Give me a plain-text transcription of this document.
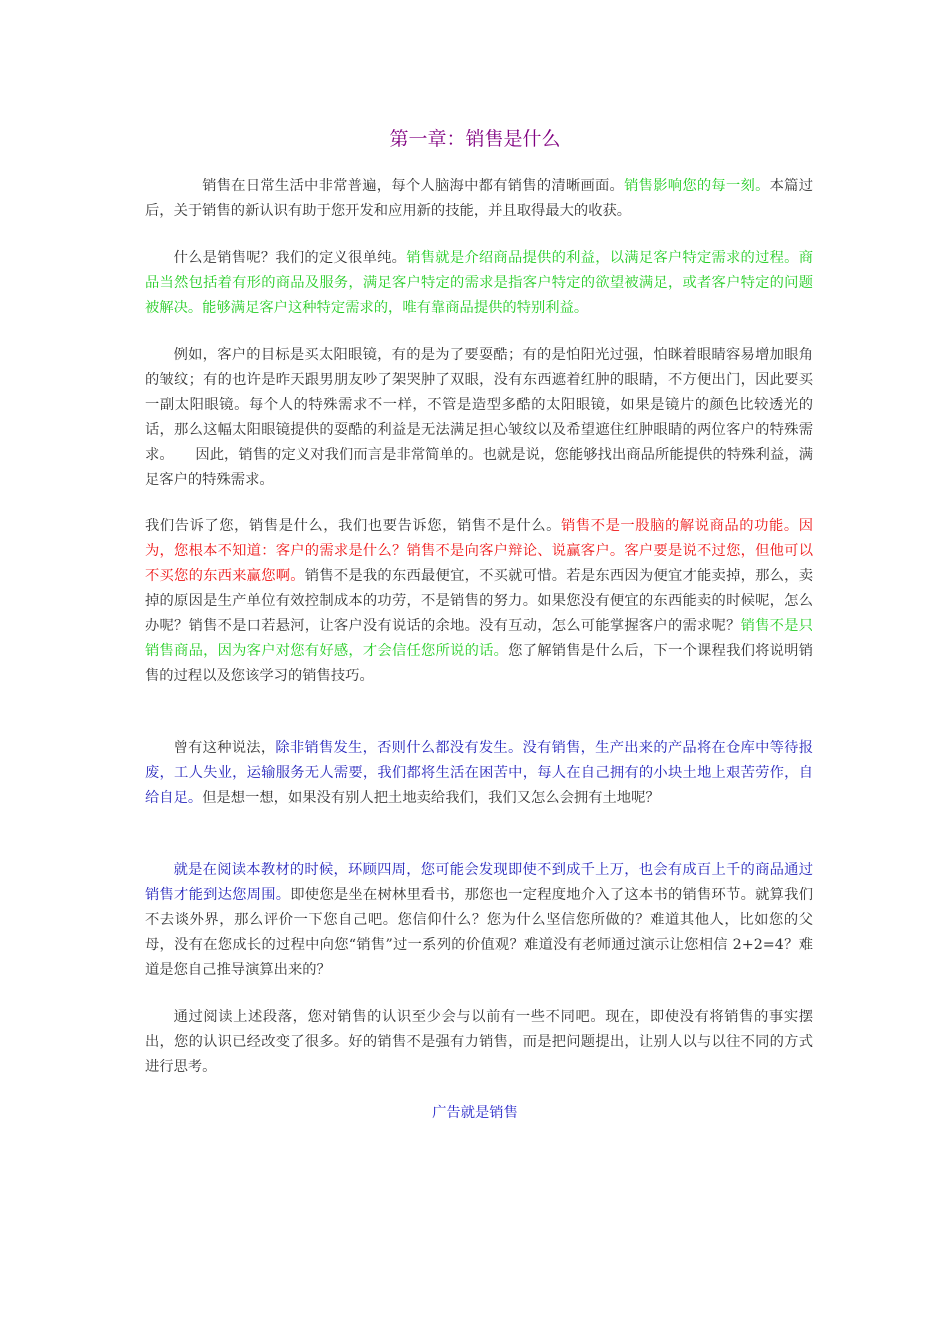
第一章：销售是什么

销售在日常生活中非常普遍，每个人脑海中都有销售的清晰画面。销售影响您的每一刻。本篇过后，关于销售的新认识有助于您开发和应用新的技能，并且取得最大的收获。

什么是销售呢？我们的定义很单纯。销售就是介绍商品提供的利益，以满足客户特定需求的过程。商品当然包括着有形的商品及服务，满足客户特定的需求是指客户特定的欲望被满足，或者客户特定的问题被解决。能够满足客户这种特定需求的，唯有靠商品提供的特别利益。

例如，客户的目标是买太阳眼镜，有的是为了要耍酷；有的是怕阳光过强，怕眯着眼睛容易增加眼角的皱纹；有的也许是昨天跟男朋友吵了架哭肿了双眼，没有东西遮着红肿的眼睛，不方便出门，因此要买一副太阳眼镜。每个人的特殊需求不一样，不管是造型多酷的太阳眼镜，如果是镜片的颜色比较透光的话，那么这幅太阳眼镜提供的耍酷的利益是无法满足担心皱纹以及希望遮住红肿眼睛的两位客户的特殊需求。　　 因此，销售的定义对我们而言是非常简单的。也就是说，您能够找出商品所能提供的特殊利益，满足客户的特殊需求。

我们告诉了您，销售是什么，我们也要告诉您，销售不是什么。销售不是一股脑的解说商品的功能。因为，您根本不知道：客户的需求是什么？销售不是向客户辩论、说赢客户。客户要是说不过您，但他可以不买您的东西来赢您啊。销售不是我的东西最便宜，不买就可惜。若是东西因为便宜才能卖掉，那么，卖掉的原因是生产单位有效控制成本的功劳，不是销售的努力。如果您没有便宜的东西能卖的时候呢，怎么办呢？销售不是口若悬河，让客户没有说话的余地。没有互动，怎么可能掌握客户的需求呢？销售不是只销售商品，因为客户对您有好感，才会信任您所说的话。您了解销售是什么后，下一个课程我们将说明销售的过程以及您该学习的销售技巧。

曾有这种说法，除非销售发生，否则什么都没有发生。没有销售，生产出来的产品将在仓库中等待报废，工人失业，运输服务无人需要，我们都将生活在困苦中，每人在自己拥有的小块土地上艰苦劳作，自给自足。但是想一想，如果没有别人把土地卖给我们，我们又怎么会拥有土地呢？

就是在阅读本教材的时候，环顾四周，您可能会发现即使不到成千上万，也会有成百上千的商品通过销售才能到达您周围。即使您是坐在树林里看书，那您也一定程度地介入了这本书的销售环节。就算我们不去谈外界，那么评价一下您自己吧。您信仰什么？您为什么坚信您所做的？难道其他人，比如您的父母，没有在您成长的过程中向您“销售”过一系列的价值观？难道没有老师通过演示让您相信 2+2=4？难道是您自己推导演算出来的？

通过阅读上述段落，您对销售的认识至少会与以前有一些不同吧。现在，即使没有将销售的事实摆出，您的认识已经改变了很多。好的销售不是强有力销售，而是把问题提出，让别人以与以往不同的方式进行思考。

广告就是销售
